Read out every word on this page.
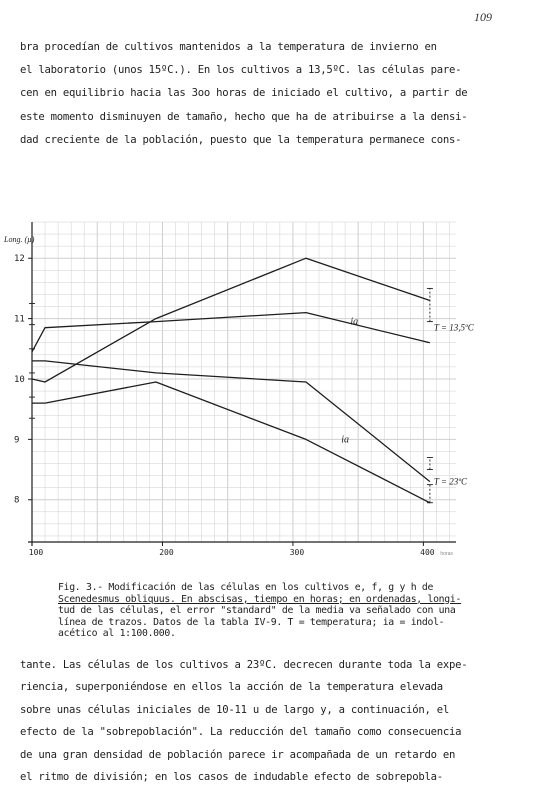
109
bra procedían de cultivos mantenidos a la temperatura de invierno en
el laboratorio (unos 15ºC.). En los cultivos a 13,5ºC. las células pare-
cen en equilibrio hacia las 3oo horas de iniciado el cultivo, a partir de
este momento disminuyen de tamaño, hecho que ha de atribuirse a la densi-
dad creciente de la población, puesto que la temperatura permanece cons-
100	200	300	400
8
9
10
11
12
Long. (µ)
ia
ia
T = 13,5ºC
T = 23ºC
horas
Fig. 3.- Modificación de las células en los cultivos e, f, g y h de
Scenedesmus obliquus. En abscisas, tiempo en horas; en ordenadas, longi-
tud de las células, el error "standard" de la media va señalado con una
línea de trazos. Datos de la tabla IV-9. T = temperatura; ia = indol-
acético al 1:100.000.
tante. Las células de los cultivos a 23ºC. decrecen durante toda la expe-
riencia, superponiéndose en ellos la acción de la temperatura elevada
sobre unas células iniciales de 10-11 u de largo y, a continuación, el
efecto de la "sobrepoblación". La reducción del tamaño como consecuencia
de una gran densidad de población parece ir acompañada de un retardo en
el ritmo de división; en los casos de indudable efecto de sobrepobla-
